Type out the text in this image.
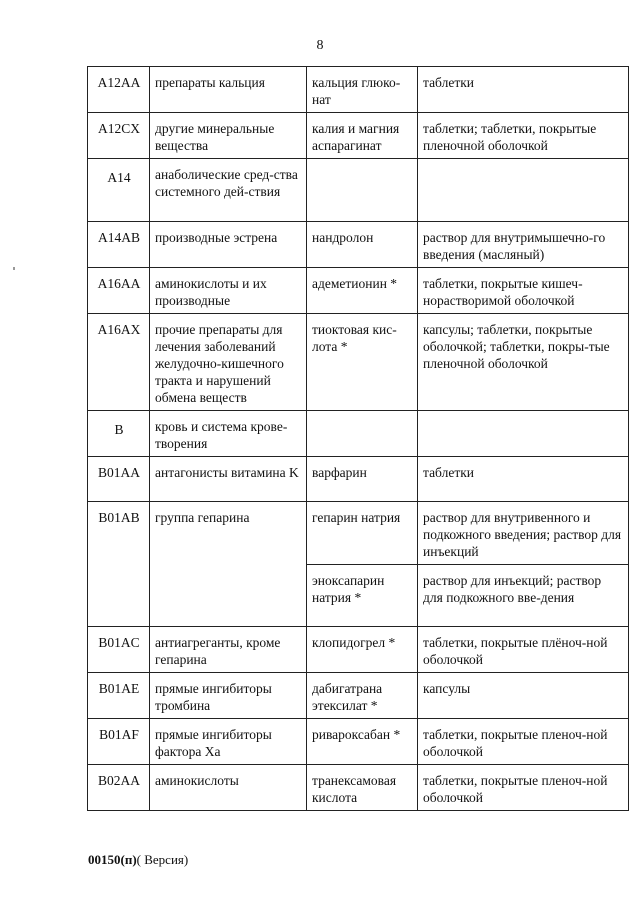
8
A12AA	препараты кальция	кальция глюко-нат	таблетки
A12CX	другие минеральные вещества	калия и магния аспарагинат	таблетки; таблетки, покрытые пленочной оболочкой
A14	анаболические сред-ства системного дей-ствия		
A14AB	производные эстрена	нандролон	раствор для внутримышечно-го введения (масляный)
A16AA	аминокислоты и их производные	адеметионин *	таблетки, покрытые кишеч-норастворимой оболочкой
A16AX	прочие препараты для лечения заболеваний желудочно-кишечного тракта и нарушений обмена веществ	тиоктовая кис-лота *	капсулы; таблетки, покрытые оболочкой; таблетки, покры-тые пленочной оболочкой
B	кровь и система крове-творения		
B01AA	антагонисты витамина K	варфарин	таблетки
B01AB	группа гепарина	гепарин натрия	раствор для внутривенного и подкожного введения; раствор для инъекций
		эноксапарин натрия *	раствор для инъекций; раствор для подкожного вве-дения
B01AC	антиагреганты, кроме гепарина	клопидогрел *	таблетки, покрытые плёноч-ной оболочкой
B01AE	прямые ингибиторы тромбина	дабигатрана этексилат *	капсулы
B01AF	прямые ингибиторы фактора Xa	ривароксабан *	таблетки, покрытые пленоч-ной оболочкой
B02AA	аминокислоты	транексамовая кислота	таблетки, покрытые пленоч-ной оболочкой
00150(п)( Версия)
